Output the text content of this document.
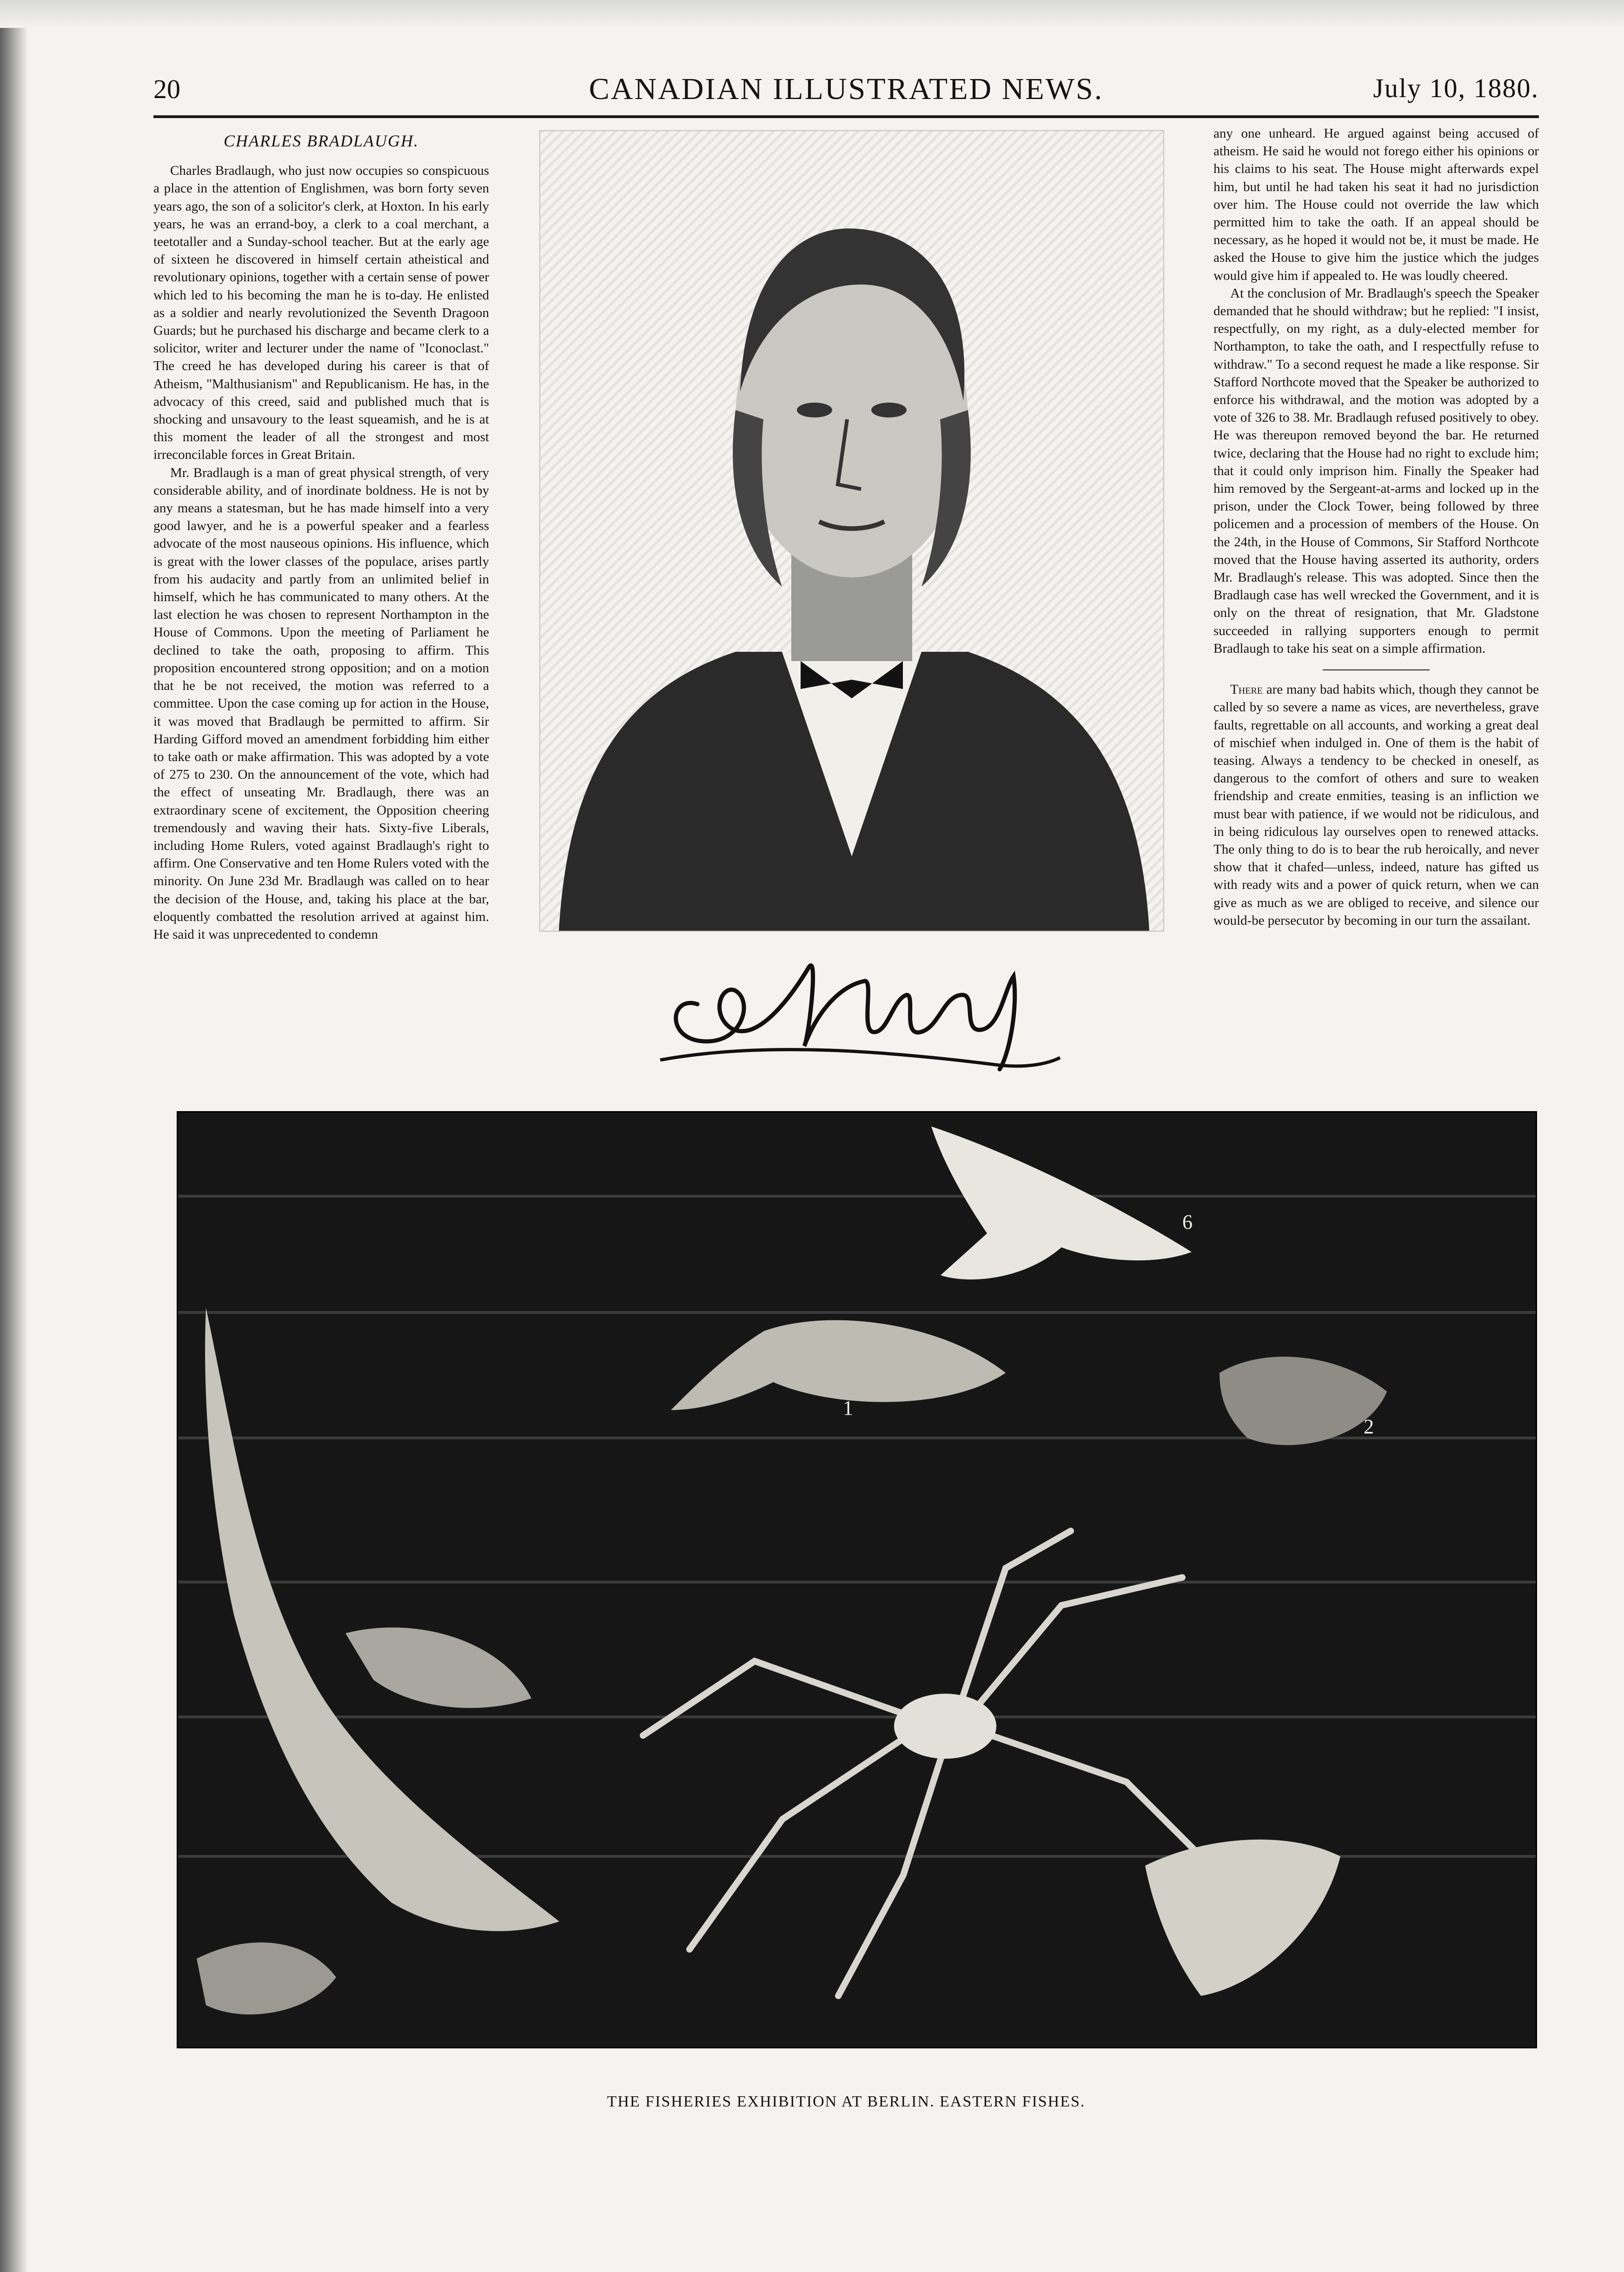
20	CANADIAN ILLUSTRATED NEWS.	July 10, 1880.
CHARLES BRADLAUGH.

Charles Bradlaugh, who just now occupies so conspicuous a place in the attention of Englishmen, was born forty seven years ago, the son of a solicitor's clerk, at Hoxton. In his early years, he was an errand-boy, a clerk to a coal merchant, a teetotaller and a Sunday-school teacher. But at the early age of sixteen he discovered in himself certain atheistical and revolutionary opinions, together with a certain sense of power which led to his becoming the man he is to-day. He enlisted as a soldier and nearly revolutionized the Seventh Dragoon Guards; but he purchased his discharge and became clerk to a solicitor, writer and lecturer under the name of "Iconoclast." The creed he has developed during his career is that of Atheism, "Malthusianism" and Republicanism. He has, in the advocacy of this creed, said and published much that is shocking and unsavoury to the least squeamish, and he is at this moment the leader of all the strongest and most irreconcilable forces in Great Britain.

Mr. Bradlaugh is a man of great physical strength, of very considerable ability, and of inordinate boldness. He is not by any means a statesman, but he has made himself into a very good lawyer, and he is a powerful speaker and a fearless advocate of the most nauseous opinions. His influence, which is great with the lower classes of the populace, arises partly from his audacity and partly from an unlimited belief in himself, which he has communicated to many others. At the last election he was chosen to represent Northampton in the House of Commons. Upon the meeting of Parliament he declined to take the oath, proposing to affirm. This proposition encountered strong opposition; and on a motion that he be not received, the motion was referred to a committee. Upon the case coming up for action in the House, it was moved that Bradlaugh be permitted to affirm. Sir Harding Gifford moved an amendment forbidding him either to take oath or make affirmation. This was adopted by a vote of 275 to 230. On the announcement of the vote, which had the effect of unseating Mr. Bradlaugh, there was an extraordinary scene of excitement, the Opposition cheering tremendously and waving their hats. Sixty-five Liberals, including Home Rulers, voted against Bradlaugh's right to affirm. One Conservative and ten Home Rulers voted with the minority. On June 23d Mr. Bradlaugh was called on to hear the decision of the House, and, taking his place at the bar, eloquently combatted the resolution arrived at against him. He said it was unprecedented to condemn

any one unheard. He argued against being accused of atheism. He said he would not forego either his opinions or his claims to his seat. The House might afterwards expel him, but until he had taken his seat it had no jurisdiction over him. The House could not override the law which permitted him to take the oath. If an appeal should be necessary, as he hoped it would not be, it must be made. He asked the House to give him the justice which the judges would give him if appealed to. He was loudly cheered.

At the conclusion of Mr. Bradlaugh's speech the Speaker demanded that he should withdraw; but he replied: "I insist, respectfully, on my right, as a duly-elected member for Northampton, to take the oath, and I respectfully refuse to withdraw." To a second request he made a like response. Sir Stafford Northcote moved that the Speaker be authorized to enforce his withdrawal, and the motion was adopted by a vote of 326 to 38. Mr. Bradlaugh refused positively to obey. He was thereupon removed beyond the bar. He returned twice, declaring that the House had no right to exclude him; that it could only imprison him. Finally the Speaker had him removed by the Sergeant-at-arms and locked up in the prison, under the Clock Tower, being followed by three policemen and a procession of members of the House. On the 24th, in the House of Commons, Sir Stafford Northcote moved that the House having asserted its authority, orders Mr. Bradlaugh's release. This was adopted. Since then the Bradlaugh case has well wrecked the Government, and it is only on the threat of resignation, that Mr. Gladstone succeeded in rallying supporters enough to permit Bradlaugh to take his seat on a simple affirmation.

There are many bad habits which, though they cannot be called by so severe a name as vices, are nevertheless, grave faults, regrettable on all accounts, and working a great deal of mischief when indulged in. One of them is the habit of teasing. Always a tendency to be checked in oneself, as dangerous to the comfort of others and sure to weaken friendship and create enmities, teasing is an infliction we must bear with patience, if we would not be ridiculous, and in being ridiculous lay ourselves open to renewed attacks. The only thing to do is to bear the rub heroically, and never show that it chafed—unless, indeed, nature has gifted us with ready wits and a power of quick return, when we can give as much as we are obliged to receive, and silence our would-be persecutor by becoming in our turn the assailant.

1
2
6
THE FISHERIES EXHIBITION AT BERLIN. EASTERN FISHES.
